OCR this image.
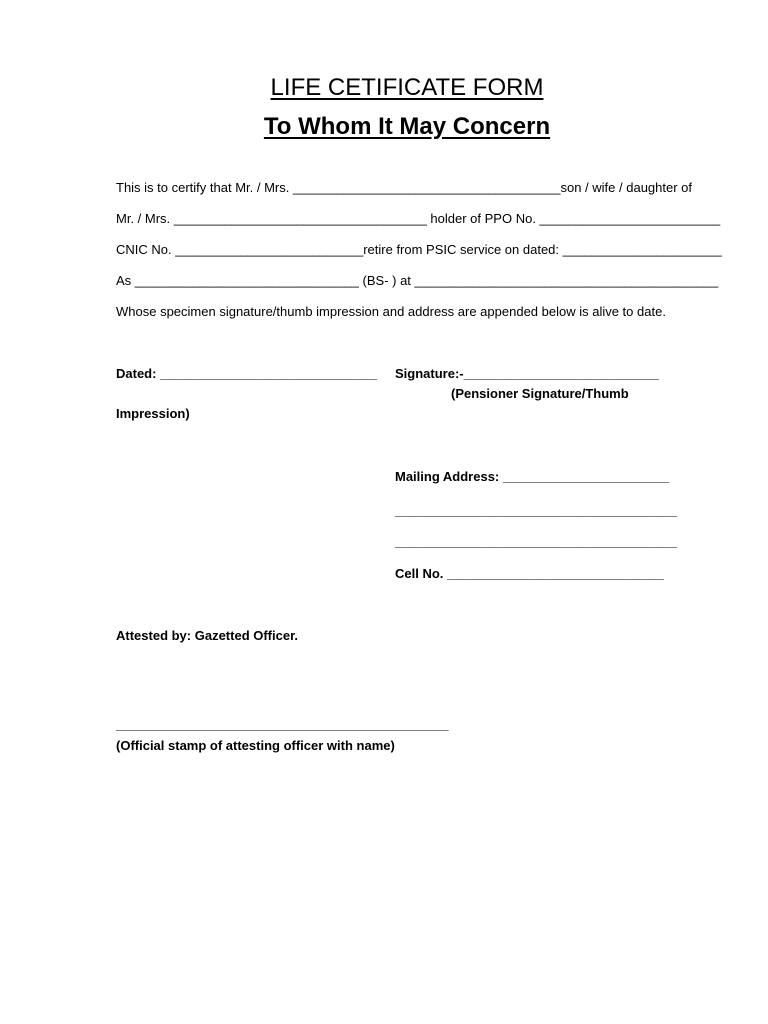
LIFE CETIFICATE FORM
To Whom It May Concern
This is to certify that Mr. / Mrs. _____________________________________son / wife / daughter of
Mr. / Mrs. ___________________________________ holder of PPO No. _________________________
CNIC No. __________________________retire from PSIC service on dated: ______________________
As _______________________________ (BS- ) at __________________________________________
Whose specimen signature/thumb impression and address are appended below is alive to date.
Dated: ______________________________ Signature:-___________________________
(Pensioner Signature/Thumb
Impression)
Mailing Address: _______________________
_______________________________________
_______________________________________
Cell No. ______________________________
Attested by: Gazetted Officer.
______________________________________________
(Official stamp of attesting officer with name)
